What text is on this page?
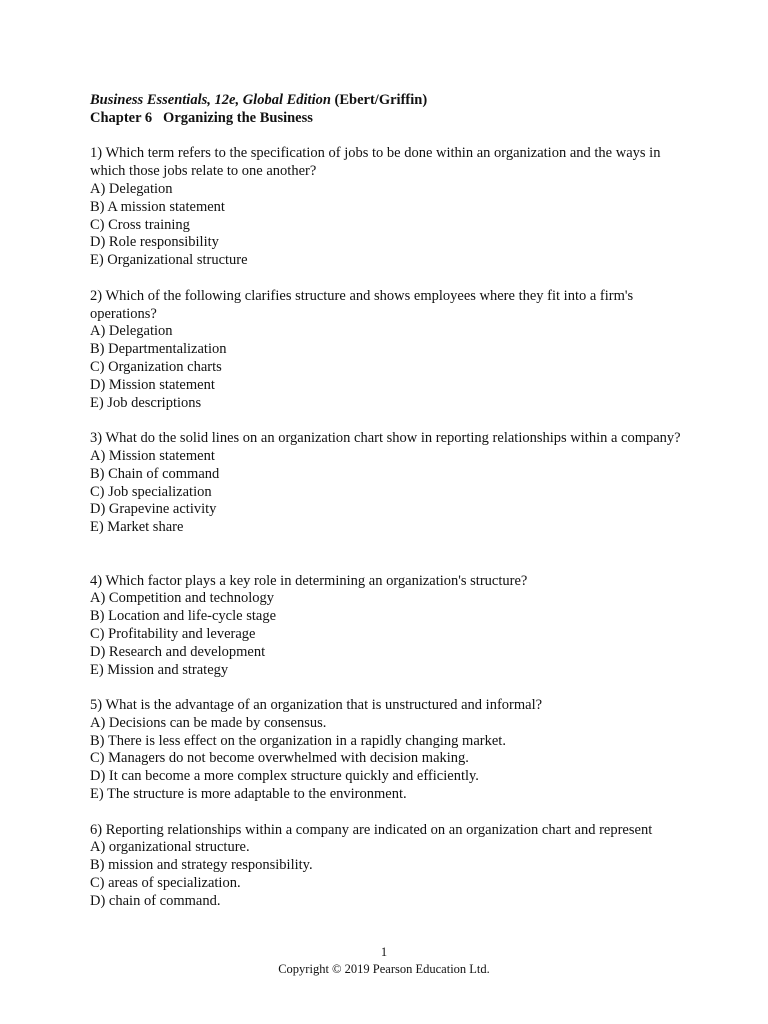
Business Essentials, 12e, Global Edition (Ebert/Griffin)
Chapter 6   Organizing the Business
1) Which term refers to the specification of jobs to be done within an organization and the ways in which those jobs relate to one another?
A) Delegation
B) A mission statement
C) Cross training
D) Role responsibility
E) Organizational structure
2) Which of the following clarifies structure and shows employees where they fit into a firm's operations?
A) Delegation
B) Departmentalization
C) Organization charts
D) Mission statement
E) Job descriptions
3) What do the solid lines on an organization chart show in reporting relationships within a company?
A) Mission statement
B) Chain of command
C) Job specialization
D) Grapevine activity
E) Market share
4) Which factor plays a key role in determining an organization's structure?
A) Competition and technology
B) Location and life-cycle stage
C) Profitability and leverage
D) Research and development
E) Mission and strategy
5) What is the advantage of an organization that is unstructured and informal?
A) Decisions can be made by consensus.
B) There is less effect on the organization in a rapidly changing market.
C) Managers do not become overwhelmed with decision making.
D) It can become a more complex structure quickly and efficiently.
E) The structure is more adaptable to the environment.
6) Reporting relationships within a company are indicated on an organization chart and represent
A) organizational structure.
B) mission and strategy responsibility.
C) areas of specialization.
D) chain of command.
1
Copyright © 2019 Pearson Education Ltd.
